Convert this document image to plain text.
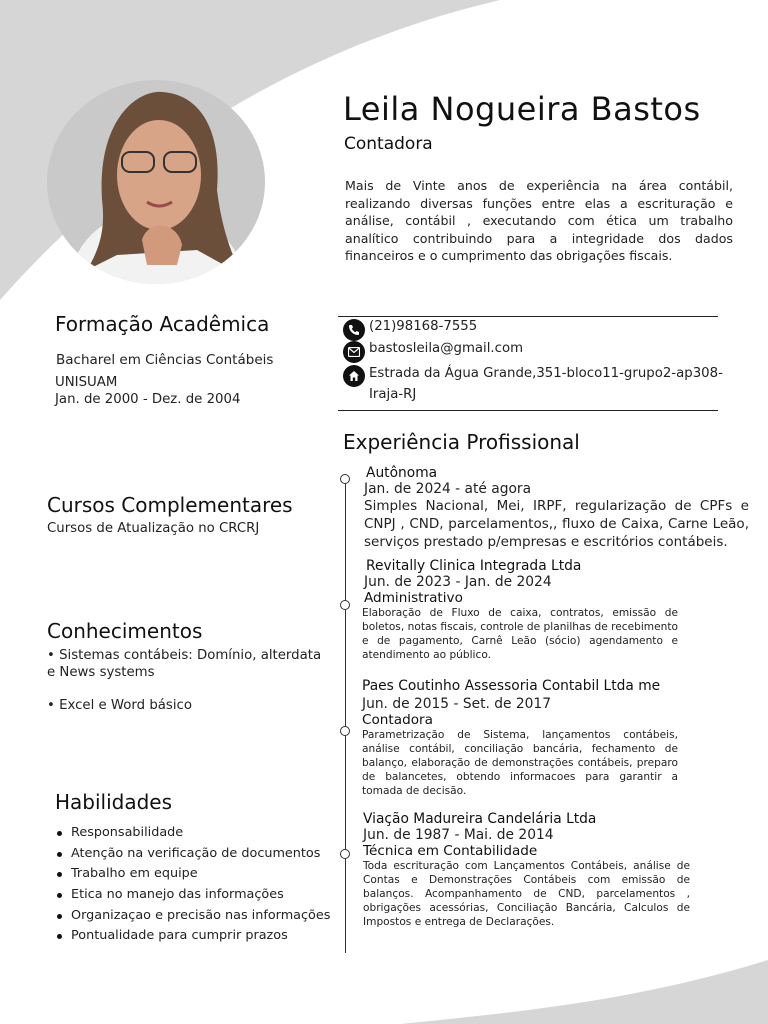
Leila Nogueira Bastos
Contadora
Mais de Vinte anos de experiência na área contábil, realizando diversas funções entre elas a escrituração e análise, contábil , executando com ética um trabalho analítico contribuindo para a integridade dos dados financeiros e o cumprimento das obrigações fiscais.
(21)98168-7555
bastosleila@gmail.com
Estrada da Água Grande,351-bloco11-grupo2-ap308-
Iraja-RJ
Formação Acadêmica
Bacharel em Ciências Contábeis
UNISUAM
Jan. de 2000 - Dez. de 2004
Cursos Complementares
Cursos de Atualização no CRCRJ
Conhecimentos
• Sistemas contábeis: Domínio, alterdata
e News systems
• Excel e Word básico
Habilidades
Responsabilidade
Atenção na verificação de documentos
Trabalho em equipe
Etica no manejo das informações
Organizaçao e precisão nas informações
Pontualidade para cumprir prazos
Experiência Profissional
Autônoma
Jan. de 2024 - até agora
Simples Nacional, Mei, IRPF, regularização de CPFs e CNPJ , CND, parcelamentos,, fluxo de Caixa, Carne Leão, serviços prestado p/empresas e escritórios contábeis.
Revitally Clinica Integrada Ltda
Jun. de 2023 - Jan. de 2024
Administrativo
Elaboração de Fluxo de caixa, contratos, emissão de boletos, notas fiscais, controle de planilhas de recebimento e de pagamento, Carnê Leão (sócio) agendamento e atendimento ao público.
Paes Coutinho Assessoria Contabil Ltda me
Jun. de 2015 - Set. de 2017
Contadora
Parametrização de Sistema, lançamentos contábeis, análise contábil, conciliação bancária, fechamento de balanço, elaboração de demonstrações contábeis, preparo de balancetes, obtendo informacoes para garantir a tomada de decisão.
Viação Madureira Candelária Ltda
Jun. de 1987 - Mai. de 2014
Técnica em Contabilidade
Toda escrituração com Lançamentos Contábeis, análise de Contas e Demonstrações Contábeis com emissão de balanços. Acompanhamento de CND, parcelamentos , obrigações acessórias, Conciliação Bancária, Calculos de Impostos e entrega de Declarações.
